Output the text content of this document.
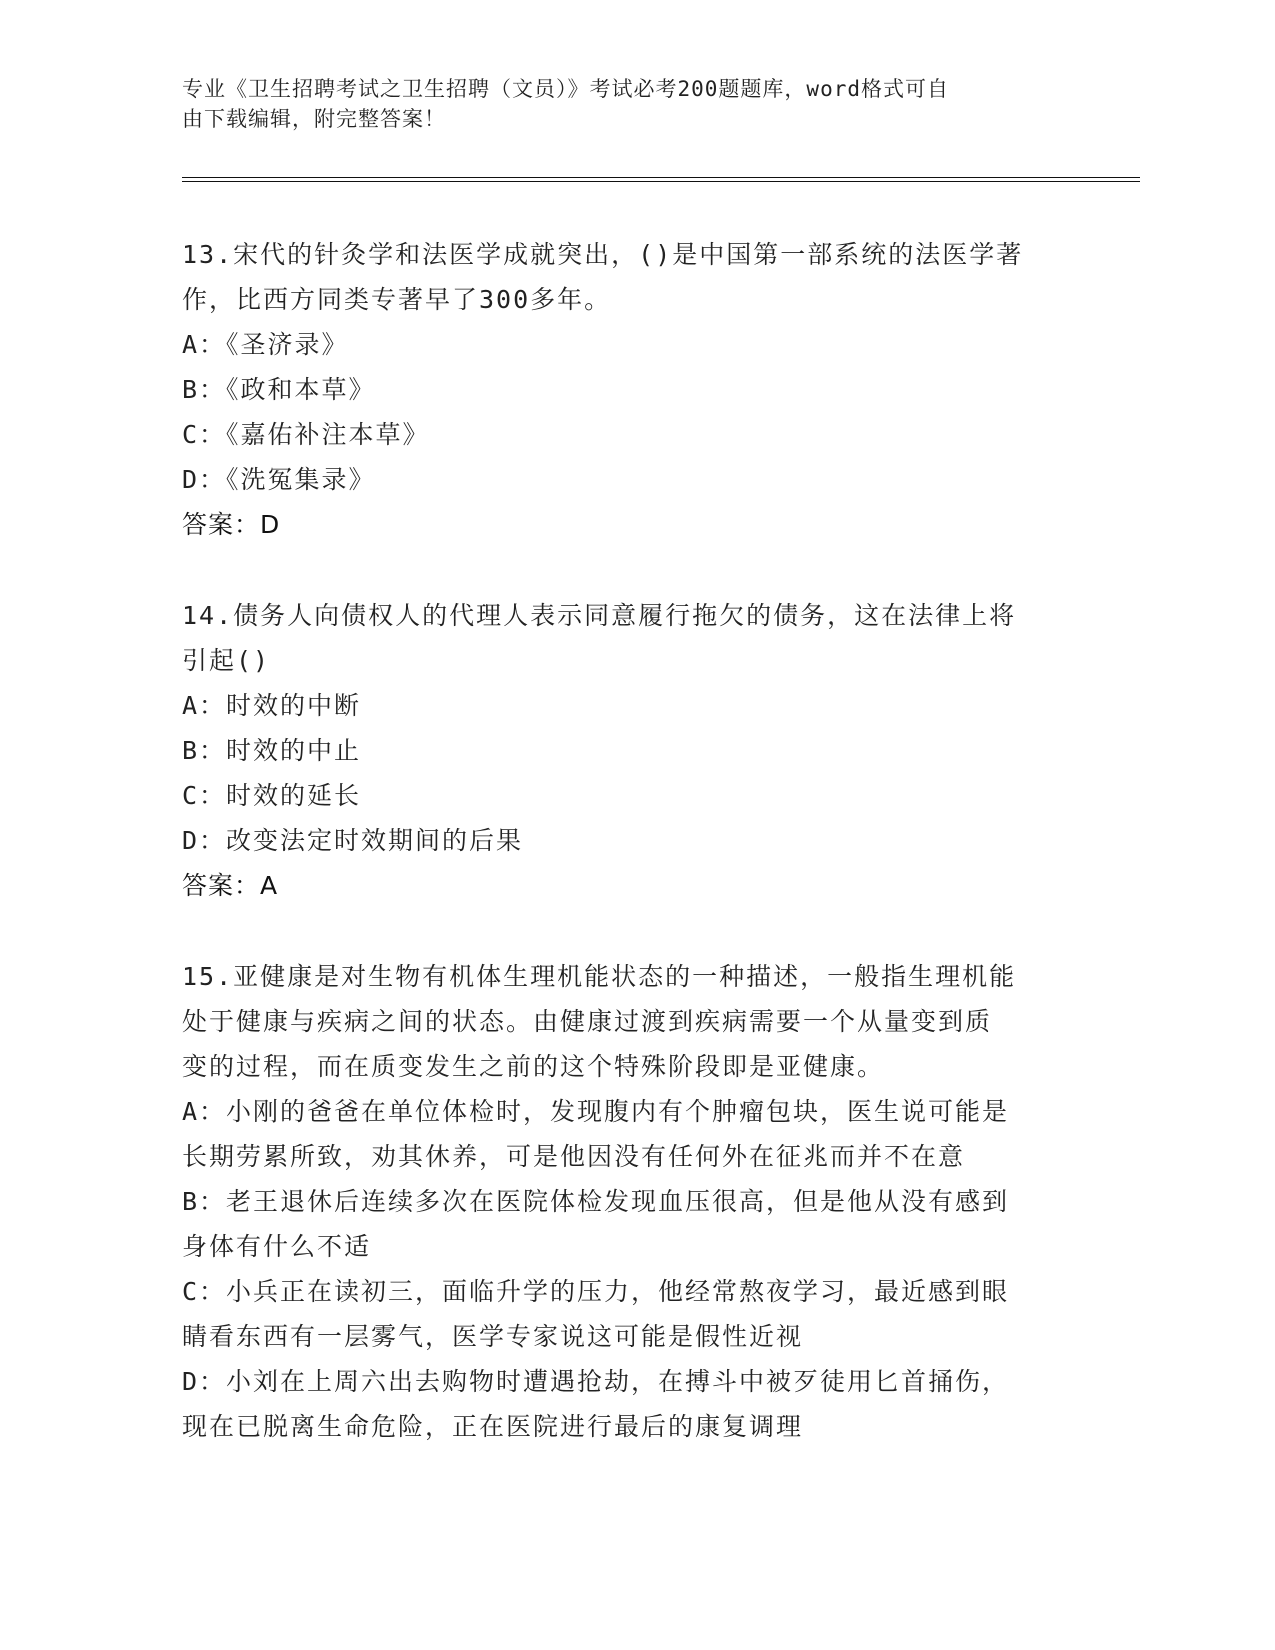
专业《卫生招聘考试之卫生招聘（文员）》考试必考200题题库，word格式可自
由下载编辑，附完整答案！
13.宋代的针灸学和法医学成就突出，()是中国第一部系统的法医学著
作，比西方同类专著早了300多年。
A：《圣济录》
B：《政和本草》
C：《嘉佑补注本草》
D：《洗冤集录》
答案：D
14.债务人向债权人的代理人表示同意履行拖欠的债务，这在法律上将
引起()
A：时效的中断
B：时效的中止
C：时效的延长
D：改变法定时效期间的后果
答案：A
15.亚健康是对生物有机体生理机能状态的一种描述，一般指生理机能
处于健康与疾病之间的状态。由健康过渡到疾病需要一个从量变到质
变的过程，而在质变发生之前的这个特殊阶段即是亚健康。
A：小刚的爸爸在单位体检时，发现腹内有个肿瘤包块，医生说可能是
长期劳累所致，劝其休养，可是他因没有任何外在征兆而并不在意
B：老王退休后连续多次在医院体检发现血压很高，但是他从没有感到
身体有什么不适
C：小兵正在读初三，面临升学的压力，他经常熬夜学习，最近感到眼
睛看东西有一层雾气，医学专家说这可能是假性近视
D：小刘在上周六出去购物时遭遇抢劫，在搏斗中被歹徒用匕首捅伤，
现在已脱离生命危险，正在医院进行最后的康复调理
